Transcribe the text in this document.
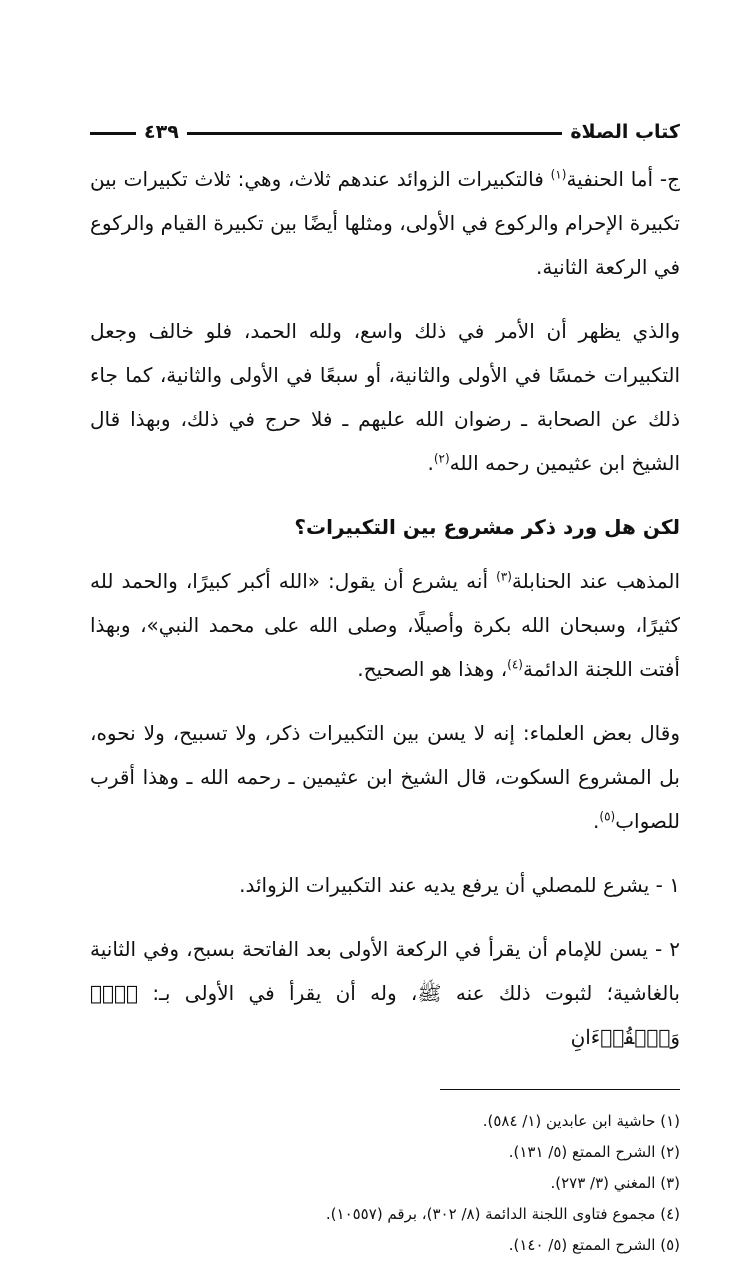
كتاب الصلاة
٤٣٩

ج- أما الحنفية$^{(١)}$ فالتكبيرات الزوائد عندهم ثلاث، وهي: ثلاث تكبيرات بين تكبيرة الإحرام والركوع في الأولى، ومثلها أيضًا بين تكبيرة القيام والركوع في الركعة الثانية.

والذي يظهر أن الأمر في ذلك واسع، ولله الحمد، فلو خالف وجعل التكبيرات خمسًا في الأولى والثانية، أو سبعًا في الأولى والثانية، كما جاء ذلك عن الصحابة ـ رضوان الله عليهم ـ فلا حرج في ذلك، وبهذا قال الشيخ ابن عثيمين رحمه الله$^{(٢)}$.

لكن هل ورد ذكر مشروع بين التكبيرات؟

المذهب عند الحنابلة$^{(٣)}$ أنه يشرع أن يقول: «الله أكبر كبيرًا، والحمد لله كثيرًا، وسبحان الله بكرة وأصيلًا، وصلى الله على محمد النبي»، وبهذا أفتت اللجنة الدائمة$^{(٤)}$، وهذا هو الصحيح.

وقال بعض العلماء: إنه لا يسن بين التكبيرات ذكر، ولا تسبيح، ولا نحوه، بل المشروع السكوت، قال الشيخ ابن عثيمين ـ رحمه الله ـ وهذا أقرب للصواب$^{(٥)}$.

١ - يشرع للمصلي أن يرفع يديه عند التكبيرات الزوائد.

٢ - يسن للإمام أن يقرأ في الركعة الأولى بعد الفاتحة بسبح، وفي الثانية بالغاشية؛ لثبوت ذلك عنه ﷺ، وله أن يقرأ في الأولى بـ: ﴿قٓۚ وَٱلۡقُرۡءَانِ

(١) حاشية ابن عابدين (١/ ٥٨٤).
(٢) الشرح الممتع (٥/ ١٣١).
(٣) المغني (٣/ ٢٧٣).
(٤) مجموع فتاوى اللجنة الدائمة (٨/ ٣٠٢)، برقم (١٠٥٥٧).
(٥) الشرح الممتع (٥/ ١٤٠).
